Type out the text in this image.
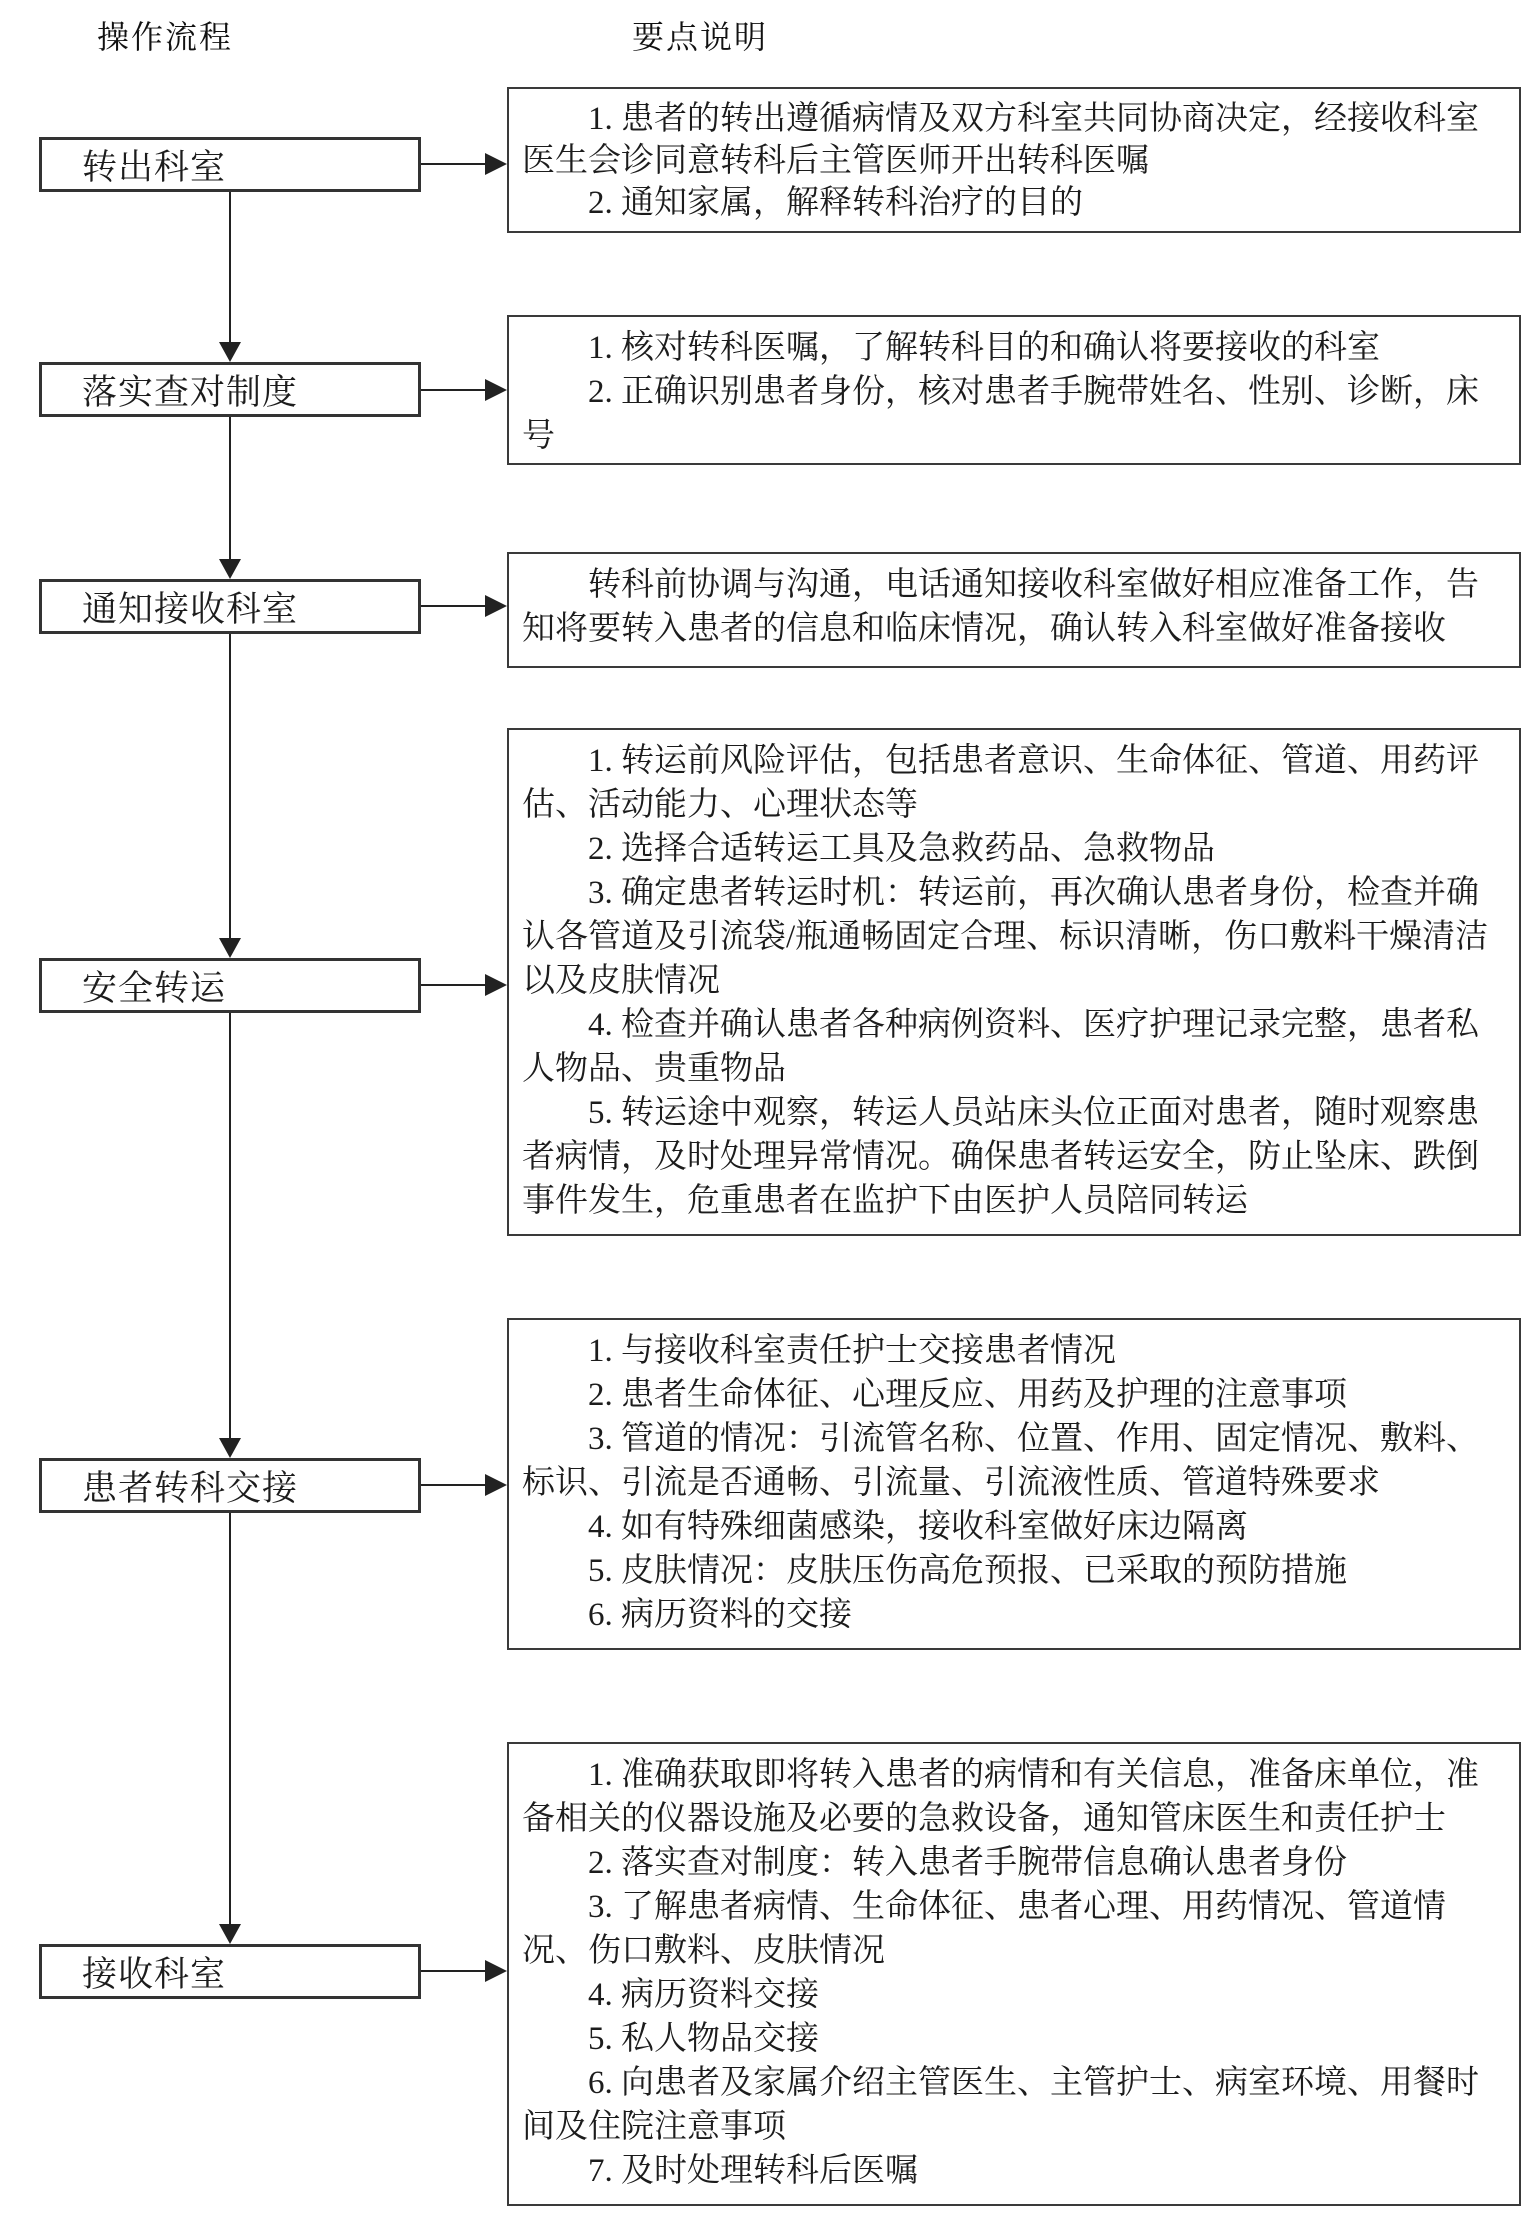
操作流程	要点说明
转出科室
落实查对制度
通知接收科室
安全转运
患者转科交接
接收科室

1. 患者的转出遵循病情及双方科室共同协商决定，经接收科室医生会诊同意转科后主管医师开出转科医嘱

2. 通知家属，解释转科治疗的目的

1. 核对转科医嘱，了解转科目的和确认将要接收的科室

2. 正确识别患者身份，核对患者手腕带姓名、性别、诊断，床号

转科前协调与沟通，电话通知接收科室做好相应准备工作，告知将要转入患者的信息和临床情况，确认转入科室做好准备接收

1. 转运前风险评估，包括患者意识、生命体征、管道、用药评估、活动能力、心理状态等

2. 选择合适转运工具及急救药品、急救物品

3. 确定患者转运时机：转运前，再次确认患者身份，检查并确认各管道及引流袋/瓶通畅固定合理、标识清晰，伤口敷料干燥清洁以及皮肤情况

4. 检查并确认患者各种病例资料、医疗护理记录完整，患者私人物品、贵重物品

5. 转运途中观察，转运人员站床头位正面对患者，随时观察患者病情，及时处理异常情况。确保患者转运安全，防止坠床、跌倒事件发生，危重患者在监护下由医护人员陪同转运

1. 与接收科室责任护士交接患者情况

2. 患者生命体征、心理反应、用药及护理的注意事项

3. 管道的情况：引流管名称、位置、作用、固定情况、敷料、标识、引流是否通畅、引流量、引流液性质、管道特殊要求

4. 如有特殊细菌感染，接收科室做好床边隔离

5. 皮肤情况：皮肤压伤高危预报、已采取的预防措施

6. 病历资料的交接

1. 准确获取即将转入患者的病情和有关信息，准备床单位，准备相关的仪器设施及必要的急救设备，通知管床医生和责任护士

2. 落实查对制度：转入患者手腕带信息确认患者身份

3. 了解患者病情、生命体征、患者心理、用药情况、管道情况、伤口敷料、皮肤情况

4. 病历资料交接

5. 私人物品交接

6. 向患者及家属介绍主管医生、主管护士、病室环境、用餐时间及住院注意事项

7. 及时处理转科后医嘱
